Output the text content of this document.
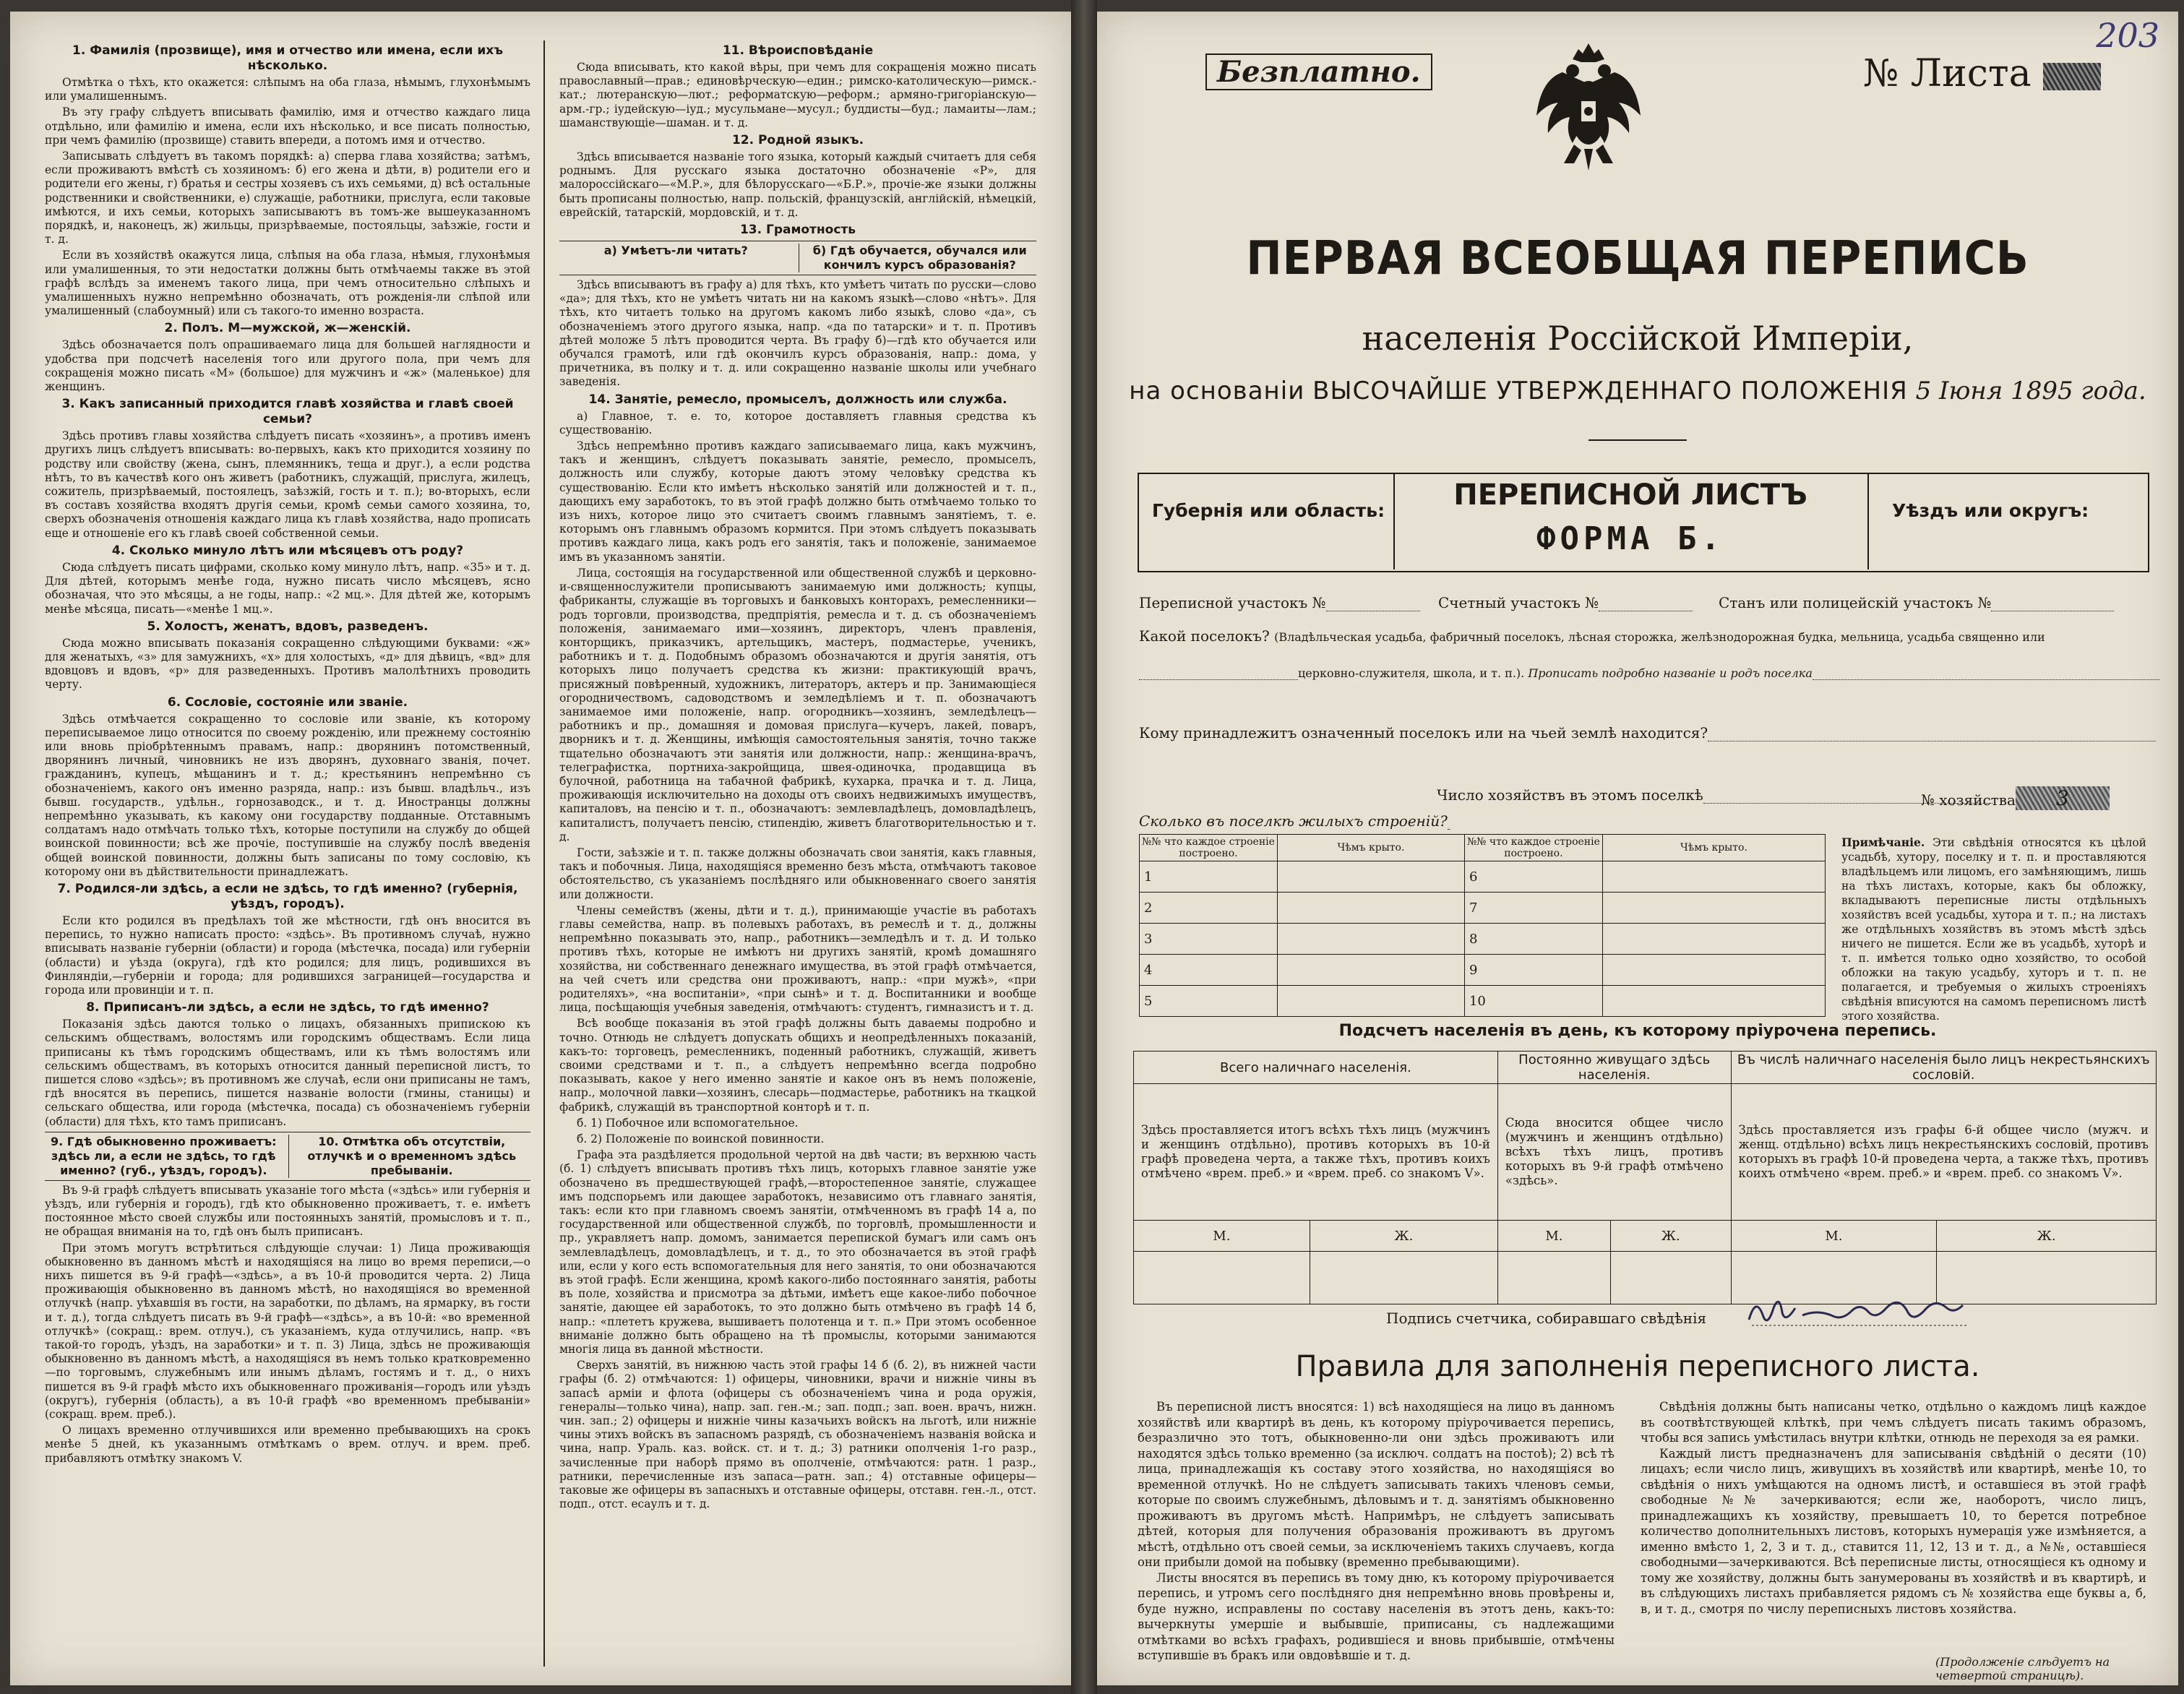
1. Фамилія (прозвище), имя и отчество или имена, если ихъ нѣсколько.

Отмѣтка о тѣхъ, кто окажется: слѣпымъ на оба глаза, нѣмымъ, глухонѣмымъ или умалишеннымъ.

Въ эту графу слѣдуетъ вписывать фамилію, имя и отчество каждаго лица отдѣльно, или фамилію и имена, если ихъ нѣсколько, и все писать полностью, при чемъ фамилію (прозвище) ставить впереди, а потомъ имя и отчество.

Записывать слѣдуетъ въ такомъ порядкѣ: а) сперва глава хозяйства; затѣмъ, если проживаютъ вмѣстѣ съ хозяиномъ: б) его жена и дѣти, в) родители его и родители его жены, г) братья и сестры хозяевъ съ ихъ семьями, д) всѣ остальные родственники и свойственники, е) служащіе, работники, прислуга, если таковые имѣются, и ихъ семьи, которыхъ записываютъ въ томъ-же вышеуказанномъ порядкѣ, и, наконецъ, ж) жильцы, призрѣваемые, постояльцы, заѣзжіе, гости и т. д.

Если въ хозяйствѣ окажутся лица, слѣпыя на оба глаза, нѣмыя, глухонѣмыя или умалишенныя, то эти недостатки должны быть отмѣчаемы также въ этой графѣ вслѣдъ за именемъ такого лица, при чемъ относительно слѣпыхъ и умалишенныхъ нужно непремѣнно обозначать, отъ рожденія-ли слѣпой или умалишенный (слабоумный) или съ такого-то именно возраста.

2. Полъ. М—мужской, ж—женскій.

Здѣсь обозначается полъ опрашиваемаго лица для большей наглядности и удобства при подсчетѣ населенія того или другого пола, при чемъ для сокращенія можно писать «М» (большое) для мужчинъ и «ж» (маленькое) для женщинъ.

3. Какъ записанный приходится главѣ хозяйства и главѣ своей семьи?

Здѣсь противъ главы хозяйства слѣдуетъ писать «хозяинъ», а противъ именъ другихъ лицъ слѣдуетъ вписывать: во-первыхъ, какъ кто приходится хозяину по родству или свойству (жена, сынъ, племянникъ, теща и друг.), а если родства нѣтъ, то въ качествѣ кого онъ живетъ (работникъ, служащій, прислуга, жилецъ, сожитель, призрѣваемый, постоялецъ, заѣзжій, гость и т. п.); во-вторыхъ, если въ составъ хозяйства входятъ другія семьи, кромѣ семьи самого хозяина, то, сверхъ обозначенія отношенія каждаго лица къ главѣ хозяйства, надо прописать еще и отношеніе его къ главѣ своей собственной семьи.

4. Сколько минуло лѣтъ или мѣсяцевъ отъ роду?

Сюда слѣдуетъ писать цифрами, сколько кому минуло лѣтъ, напр. «35» и т. д. Для дѣтей, которымъ менѣе года, нужно писать число мѣсяцевъ, ясно обозначая, что это мѣсяцы, а не годы, напр.: «2 мц.». Для дѣтей же, которымъ менѣе мѣсяца, писать—«менѣе 1 мц.».

5. Холостъ, женатъ, вдовъ, разведенъ.

Сюда можно вписывать показанія сокращенно слѣдующими буквами: «ж» для женатыхъ, «з» для замужнихъ, «х» для холостыхъ, «д» для дѣвицъ, «вд» для вдовцовъ и вдовъ, «р» для разведенныхъ. Противъ малолѣтнихъ проводить черту.

6. Сословіе, состояніе или званіе.

Здѣсь отмѣчается сокращенно то сословіе или званіе, къ которому переписываемое лицо относится по своему рожденію, или прежнему состоянію или вновь пріобрѣтеннымъ правамъ, напр.: дворянинъ потомственный, дворянинъ личный, чиновникъ не изъ дворянъ, духовнаго званія, почет. гражданинъ, купецъ, мѣщанинъ и т. д.; крестьянинъ непремѣнно съ обозначеніемъ, какого онъ именно разряда, напр.: изъ бывш. владѣльч., изъ бывш. государств., удѣльн., горнозаводск., и т. д. Иностранцы должны непремѣнно указывать, къ какому они государству подданные. Отставнымъ солдатамъ надо отмѣчать только тѣхъ, которые поступили на службу до общей воинской повинности; всѣ же прочіе, поступившіе на службу послѣ введенія общей воинской повинности, должны быть записаны по тому сословію, къ которому они въ дѣйствительности принадлежатъ.

7. Родился-ли здѣсь, а если не здѣсь, то гдѣ именно? (губернія, уѣздъ, городъ).

Если кто родился въ предѣлахъ той же мѣстности, гдѣ онъ вносится въ перепись, то нужно написать просто: «здѣсь». Въ противномъ случаѣ, нужно вписывать названіе губерніи (области) и города (мѣстечка, посада) или губерніи (области) и уѣзда (округа), гдѣ кто родился; для лицъ, родившихся въ Финляндіи,—губерніи и города; для родившихся заграницей—государства и города или провинціи и т. п.

8. Приписанъ-ли здѣсь, а если не здѣсь, то гдѣ именно?

Показанія здѣсь даются только о лицахъ, обязанныхъ припискою къ сельскимъ обществамъ, волостямъ или городскимъ обществамъ. Если лица приписаны къ тѣмъ городскимъ обществамъ, или къ тѣмъ волостямъ или сельскимъ обществамъ, въ которыхъ относится данный переписной листъ, то пишется слово «здѣсь»; въ противномъ же случаѣ, если они приписаны не тамъ, гдѣ вносятся въ перепись, пишется названіе волости (гмины, станицы) и сельскаго общества, или города (мѣстечка, посада) съ обозначеніемъ губерніи (области) для тѣхъ, кто тамъ приписанъ.

9. Гдѣ обыкновенно проживаетъ: здѣсь ли, а если не здѣсь, то гдѣ именно? (губ., уѣздъ, городъ).
10. Отмѣтка объ отсутствіи, отлучкѣ и о временномъ здѣсь пребываніи.

Въ 9-й графѣ слѣдуетъ вписывать указаніе того мѣста («здѣсь» или губернія и уѣздъ, или губернія и городъ), гдѣ кто обыкновенно проживаетъ, т. е. имѣетъ постоянное мѣсто своей службы или постоянныхъ занятій, промысловъ и т. п., не обращая вниманія на то, гдѣ онъ былъ приписанъ.

При этомъ могутъ встрѣтиться слѣдующіе случаи: 1) Лица проживающія обыкновенно въ данномъ мѣстѣ и находящіяся на лицо во время переписи,—о нихъ пишется въ 9-й графѣ—«здѣсь», а въ 10-й проводится черта. 2) Лица проживающія обыкновенно въ данномъ мѣстѣ, но находящіяся во временной отлучкѣ (напр. уѣхавшія въ гости, на заработки, по дѣламъ, на ярмарку, въ гости и т. д.), тогда слѣдуетъ писать въ 9-й графѣ—«здѣсь», а въ 10-й: «во временной отлучкѣ» (сокращ.: врем. отлуч.), съ указаніемъ, куда отлучились, напр. «въ такой-то городъ, уѣздъ, на заработки» и т. п. 3) Лица, здѣсь не проживающія обыкновенно въ данномъ мѣстѣ, а находящіяся въ немъ только кратковременно—по торговымъ, служебнымъ или инымъ дѣламъ, гостямъ и т. д., о нихъ пишется въ 9-й графѣ мѣсто ихъ обыкновеннаго проживанія—городъ или уѣздъ (округъ), губернія (область), а въ 10-й графѣ «во временномъ пребываніи» (сокращ. врем. преб.).

О лицахъ временно отлучившихся или временно пребывающихъ на срокъ менѣе 5 дней, къ указаннымъ отмѣткамъ о врем. отлуч. и врем. преб. прибавляютъ отмѣтку знакомъ V.

11. Вѣроисповѣданіе

Сюда вписывать, кто какой вѣры, при чемъ для сокращенія можно писать православный—прав.; единовѣрческую—един.; римско-католическую—римск.-кат.; лютеранскую—лют.; реформатскую—реформ.; армяно-григоріанскую—арм.-гр.; іудейскую—іуд.; мусульмане—мусул.; буддисты—буд.; ламаиты—лам.; шаманствующіе—шаман. и т. д.

12. Родной языкъ.

Здѣсь вписывается названіе того языка, который каждый считаетъ для себя роднымъ. Для русскаго языка достаточно обозначеніе «Р», для малороссійскаго—«М.Р.», для бѣлорусскаго—«Б.Р.», прочіе-же языки должны быть прописаны полностью, напр. польскій, французскій, англійскій, нѣмецкій, еврейскій, татарскій, мордовскій, и т. д.

13. Грамотность
а) Умѣетъ-ли читать?	б) Гдѣ обучается, обучался или кончилъ курсъ образованія?

Здѣсь вписываютъ въ графу а) для тѣхъ, кто умѣетъ читать по русски—слово «да»; для тѣхъ, кто не умѣетъ читать ни на какомъ языкѣ—слово «нѣтъ». Для тѣхъ, кто читаетъ только на другомъ какомъ либо языкѣ, слово «да», съ обозначеніемъ этого другого языка, напр. «да по татарски» и т. п. Противъ дѣтей моложе 5 лѣтъ проводится черта. Въ графу б)—гдѣ кто обучается или обучался грамотѣ, или гдѣ окончилъ курсъ образованія, напр.: дома, у причетника, въ полку и т. д. или сокращенно названіе школы или учебнаго заведенія.

14. Занятіе, ремесло, промыселъ, должность или служба.

а) Главное, т. е. то, которое доставляетъ главныя средства къ существованію.

Здѣсь непремѣнно противъ каждаго записываемаго лица, какъ мужчинъ, такъ и женщинъ, слѣдуетъ показывать занятіе, ремесло, промыселъ, должность или службу, которые даютъ этому человѣку средства къ существованію. Если кто имѣетъ нѣсколько занятій или должностей и т. п., дающихъ ему заработокъ, то въ этой графѣ должно быть отмѣчаемо только то изъ нихъ, которое лицо это считаетъ своимъ главнымъ занятіемъ, т. е. которымъ онъ главнымъ образомъ кормится. При этомъ слѣдуетъ показывать противъ каждаго лица, какъ родъ его занятія, такъ и положеніе, занимаемое имъ въ указанномъ занятіи.

Лица, состоящія на государственной или общественной службѣ и церковно-и-священнослужители прописываютъ занимаемую ими должность; купцы, фабриканты, служащіе въ торговыхъ и банковыхъ конторахъ, ремесленники—родъ торговли, производства, предпріятія, ремесла и т. д. съ обозначеніемъ положенія, занимаемаго ими—хозяинъ, директоръ, членъ правленія, конторщикъ, приказчикъ, артельщикъ, мастеръ, подмастерье, ученикъ, работникъ и т. д. Подобнымъ образомъ обозначаются и другія занятія, отъ которыхъ лицо получаетъ средства къ жизни: практикующій врачъ, присяжный повѣренный, художникъ, литераторъ, актеръ и пр. Занимающіеся огородничествомъ, садоводствомъ и земледѣліемъ и т. п. обозначаютъ занимаемое ими положеніе, напр. огородникъ—хозяинъ, земледѣлецъ—работникъ и пр., домашняя и домовая прислуга—кучеръ, лакей, поваръ, дворникъ и т. д. Женщины, имѣющія самостоятельныя занятія, точно также тщательно обозначаютъ эти занятія или должности, напр.: женщина-врачъ, телеграфистка, портниха-закройщица, швея-одиночка, продавщица въ булочной, работница на табачной фабрикѣ, кухарка, прачка и т. д. Лица, проживающія исключительно на доходы отъ своихъ недвижимыхъ имуществъ, капиталовъ, на пенсію и т. п., обозначаютъ: землевладѣлецъ, домовладѣлецъ, капиталистъ, получаетъ пенсію, стипендію, живетъ благотворительностью и т. д.

Гости, заѣзжіе и т. п. также должны обозначать свои занятія, какъ главныя, такъ и побочныя. Лица, находящіяся временно безъ мѣста, отмѣчаютъ таковое обстоятельство, съ указаніемъ послѣдняго или обыкновеннаго своего занятія или должности.

Члены семействъ (жены, дѣти и т. д.), принимающіе участіе въ работахъ главы семейства, напр. въ полевыхъ работахъ, въ ремеслѣ и т. д., должны непремѣнно показывать это, напр., работникъ—земледѣлъ и т. д. И только противъ тѣхъ, которые не имѣютъ ни другихъ занятій, кромѣ домашняго хозяйства, ни собственнаго денежнаго имущества, въ этой графѣ отмѣчается, на чей счетъ или средства они проживаютъ, напр.: «при мужѣ», «при родителяхъ», «на воспитаніи», «при сынѣ» и т. д. Воспитанники и вообще лица, посѣщающія учебныя заведенія, отмѣчаютъ: студентъ, гимназистъ и т. д.

Всѣ вообще показанія въ этой графѣ должны быть даваемы подробно и точно. Отнюдь не слѣдуетъ допускать общихъ и неопредѣленныхъ показаній, какъ-то: торговецъ, ремесленникъ, поденный работникъ, служащій, живетъ своими средствами и т. п., а слѣдуетъ непремѣнно всегда подробно показывать, какое у него именно занятіе и какое онъ въ немъ положеніе, напр., молочной лавки—хозяинъ, слесарь—подмастерье, работникъ на ткацкой фабрикѣ, служащій въ транспортной конторѣ и т. п.

б. 1) Побочное или вспомогательное.

б. 2) Положеніе по воинской повинности.

Графа эта раздѣляется продольной чертой на двѣ части; въ верхнюю часть (б. 1) слѣдуетъ вписывать противъ тѣхъ лицъ, которыхъ главное занятіе уже обозначено въ предшествующей графѣ,—второстепенное занятіе, служащее имъ подспорьемъ или дающее заработокъ, независимо отъ главнаго занятія, такъ: если кто при главномъ своемъ занятіи, отмѣченномъ въ графѣ 14 а, по государственной или общественной службѣ, по торговлѣ, промышленности и пр., укравляетъ напр. домомъ, занимается перепиской бумагъ или самъ онъ землевладѣлецъ, домовладѣлецъ, и т. д., то это обозначается въ этой графѣ или, если у кого есть вспомогательныя для него занятія, то они обозначаются въ этой графѣ. Если женщина, кромѣ какого-либо постояннаго занятія, работы въ поле, хозяйства и присмотра за дѣтьми, имѣетъ еще какое-либо побочное занятіе, дающее ей заработокъ, то это должно быть отмѣчено въ графѣ 14 б, напр.: «плететъ кружева, вышиваетъ полотенца и т. п.» При этомъ особенное вниманіе должно быть обращено на тѣ промыслы, которыми занимаются многія лица въ данной мѣстности.

Сверхъ занятій, въ нижнюю часть этой графы 14 б (б. 2), въ нижней части графы (б. 2) отмѣчаются: 1) офицеры, чиновники, врачи и нижніе чины въ запасѣ армiи и флота (офицеры съ обозначеніемъ чина и рода оружія, генералы—только чина), напр. зап. ген.-м.; зап. подп.; зап. воен. врачъ, нижн. чин. зап.; 2) офицеры и нижніе чины казачьихъ войскъ на льготѣ, или нижніе чины этихъ войскъ въ запасномъ разрядѣ, съ обозначеніемъ названія войска и чина, напр. Ураль. каз. войск. ст. и т. д.; 3) ратники ополченія 1-го разр., зачисленные при наборѣ прямо въ ополченіе, отмѣчаются: ратн. 1 разр., ратники, перечисленные изъ запаса—ратн. зап.; 4) отставные офицеры—таковые же офицеры въ запасныхъ и отставные офицеры, отставн. ген.-л., отст. подп., отст. есаулъ и т. д.

Безплатно.	№ Листа
203
ПЕРВАЯ ВСЕОБЩАЯ ПЕРЕПИСЬ
населенія Россійской Имперіи,
на основаніи ВЫСОЧАЙШЕ УТВЕРЖДЕННАГО ПОЛОЖЕНІЯ 5 Іюня 1895 года.
Губернія или область:	ПЕРЕПИСНОЙ ЛИСТЪ
ФОРМА Б.
Уѣздъ или округъ:
Переписной участокъ №	Счетный участокъ №	Станъ или полицейскій участокъ №
Какой поселокъ? (Владѣльческая усадьба, фабричный поселокъ, лѣсная сторожка, желѣзнодорожная будка, мельница, усадьба священно или
церковно-служителя, школа, и т. п.). Прописать подробно названіе и родъ поселка
Кому принадлежитъ означенный поселокъ или на чьей землѣ находится?
Число хозяйствъ въ этомъ поселкѣ	№ хозяйства 3
Сколько въ поселкѣ жилыхъ строеній?
№№ что каждое строеніе построено.	Чѣмъ крыто.	№№ что каждое строеніе построено.	Чѣмъ крыто.
1		6	
2		7	
3		8	
4		9	
5		10	
Примѣчаніе. Эти свѣдѣнія относятся къ цѣлой усадьбѣ, хутору, поселку и т. п. и проставляются владѣльцемъ или лицомъ, его замѣняющимъ, лишь на тѣхъ листахъ, которые, какъ бы обложку, вкладываютъ переписные листы отдѣльныхъ хозяйствъ всей усадьбы, хутора и т. п.; на листахъ же отдѣльныхъ хозяйствъ въ этомъ мѣстѣ здѣсь ничего не пишется. Если же въ усадьбѣ, хуторѣ и т. п. имѣется только одно хозяйство, то особой обложки на такую усадьбу, хуторъ и т. п. не полагается, и требуемыя о жилыхъ строеніяхъ свѣдѣнія вписуются на самомъ переписномъ листѣ этого хозяйства.
Подсчетъ населенія въ день, къ которому пріурочена перепись.
Всего наличнаго населенія.		Постоянно живущаго здѣсь населенія.		Въ числѣ наличнаго населенія было лицъ некрестьянскихъ сословій.	
Здѣсь проставляется итогъ всѣхъ тѣхъ лицъ (мужчинъ и женщинъ отдѣльно), противъ которыхъ въ 10-й графѣ проведена черта, а также тѣхъ, противъ коихъ отмѣчено «врем. преб.» и «врем. преб. со знакомъ V».		Сюда вносится общее число (мужчинъ и женщинъ отдѣльно) всѣхъ тѣхъ лицъ, противъ которыхъ въ 9-й графѣ отмѣчено «здѣсь».		Здѣсь проставляется изъ графы 6-й общее число (мужч. и женщ. отдѣльно) всѣхъ лицъ некрестьянскихъ сословій, противъ которыхъ въ графѣ 10-й проведена черта, а также тѣхъ, противъ коихъ отмѣчено «врем. преб.» и «врем. преб. со знакомъ V».	
М.	Ж.	М.	Ж.	М.	Ж.

Подпись счетчика, собиравшаго свѣдѣнія
Правила для заполненія переписного листа.

Въ переписной листъ вносятся: 1) всѣ находящіеся на лицо въ данномъ хозяйствѣ или квартирѣ въ день, къ которому пріурочивается перепись, безразлично это тотъ, обыкновенно-ли они здѣсь проживаютъ или находятся здѣсь только временно (за исключ. солдатъ на постоѣ); 2) всѣ тѣ лица, принадлежащія къ составу этого хозяйства, но находящіяся во временной отлучкѣ. Но не слѣдуетъ записывать такихъ членовъ семьи, которые по своимъ служебнымъ, дѣловымъ и т. д. занятіямъ обыкновенно проживаютъ въ другомъ мѣстѣ. Напримѣръ, не слѣдуетъ записывать дѣтей, которыя для получения образованія проживаютъ въ другомъ мѣстѣ, отдѣльно отъ своей семьи, за исключеніемъ такихъ случаевъ, когда они прибыли домой на побывку (временно пребывающими).

Листы вносятся въ перепись въ тому дню, къ которому пріурочивается перепись, и утромъ сего послѣдняго дня непремѣнно вновь провѣрены и, буде нужно, исправлены по составу населенія въ этотъ день, какъ-то: вычеркнуты умершіе и выбывшіе, приписаны, съ надлежащими отмѣтками во всѣхъ графахъ, родившіеся и вновь прибывшіе, отмѣчены вступившіе въ бракъ или овдовѣвшіе и т. д.

Свѣдѣнія должны быть написаны четко, отдѣльно о каждомъ лицѣ каждое въ соотвѣтствующей клѣткѣ, при чемъ слѣдуетъ писать такимъ образомъ, чтобы вся запись умѣстилась внутри клѣтки, отнюдь не переходя за ея рамки.

Каждый листъ предназначенъ для записыванія свѣдѣній о десяти (10) лицахъ; если число лицъ, живущихъ въ хозяйствѣ или квартирѣ, менѣе 10, то свѣдѣнія о нихъ умѣщаются на одномъ листѣ, и оставшіеся въ этой графѣ свободные №№ зачеркиваются; если же, наоборотъ, число лицъ, принадлежащихъ къ хозяйству, превышаетъ 10, то берется потребное количество дополнительныхъ листовъ, которыхъ нумерація уже измѣняется, а именно вмѣсто 1, 2, 3 и т. д., ставится 11, 12, 13 и т. д., а №№, оставшіеся свободными—зачеркиваются. Всѣ переписные листы, относящіеся къ одному и тому же хозяйству, должны быть занумерованы въ хозяйствѣ и въ квартирѣ, и въ слѣдующихъ листахъ прибавляется рядомъ съ № хозяйства еще буквы а, б, в, и т. д., смотря по числу переписныхъ листовъ хозяйства.

(Продолженіе слѣдуетъ на четвертой страницѣ).
